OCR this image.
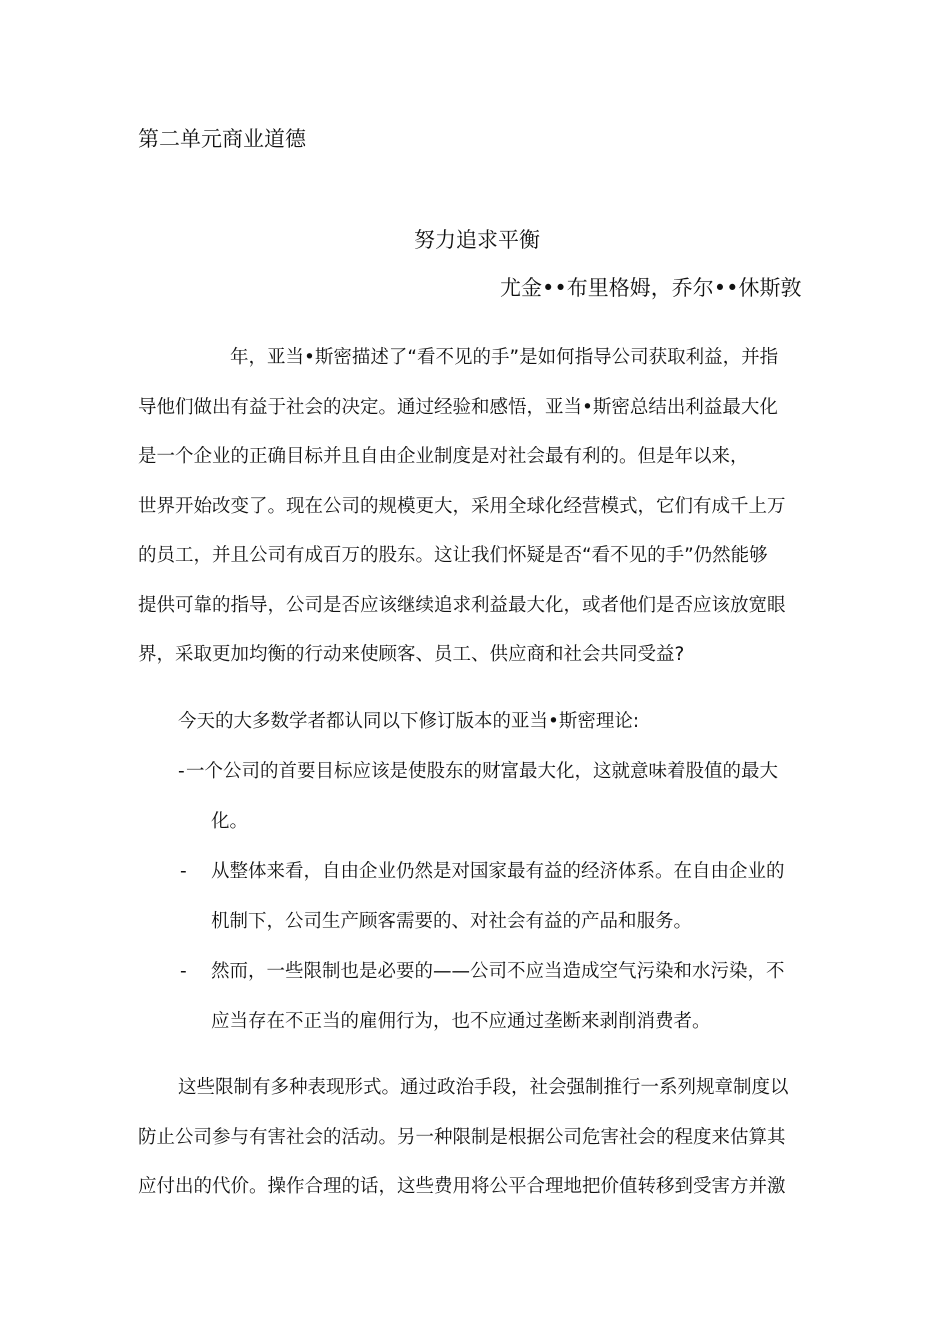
第二单元商业道德
努力追求平衡
尤金••布里格姆，乔尔••休斯敦
年，亚当•斯密描述了“看不见的手”是如何指导公司获取利益，并指
导他们做出有益于社会的决定。通过经验和感悟，亚当•斯密总结出利益最大化
是一个企业的正确目标并且自由企业制度是对社会最有利的。但是年以来，
世界开始改变了。现在公司的规模更大，采用全球化经营模式，它们有成千上万
的员工，并且公司有成百万的股东。这让我们怀疑是否“看不见的手”仍然能够
提供可靠的指导，公司是否应该继续追求利益最大化，或者他们是否应该放宽眼
界，采取更加均衡的行动来使顾客、员工、供应商和社会共同受益?
今天的大多数学者都认同以下修订版本的亚当•斯密理论:
- 一个公司的首要目标应该是使股东的财富最大化，这就意味着股值的最大
化。
- 从整体来看，自由企业仍然是对国家最有益的经济体系。在自由企业的
机制下，公司生产顾客需要的、对社会有益的产品和服务。
- 然而，一些限制也是必要的——公司不应当造成空气污染和水污染，不
应当存在不正当的雇佣行为，也不应通过垄断来剥削消费者。
这些限制有多种表现形式。通过政治手段，社会强制推行一系列规章制度以
防止公司参与有害社会的活动。另一种限制是根据公司危害社会的程度来估算其
应付出的代价。操作合理的话，这些费用将公平合理地把价值转移到受害方并激
